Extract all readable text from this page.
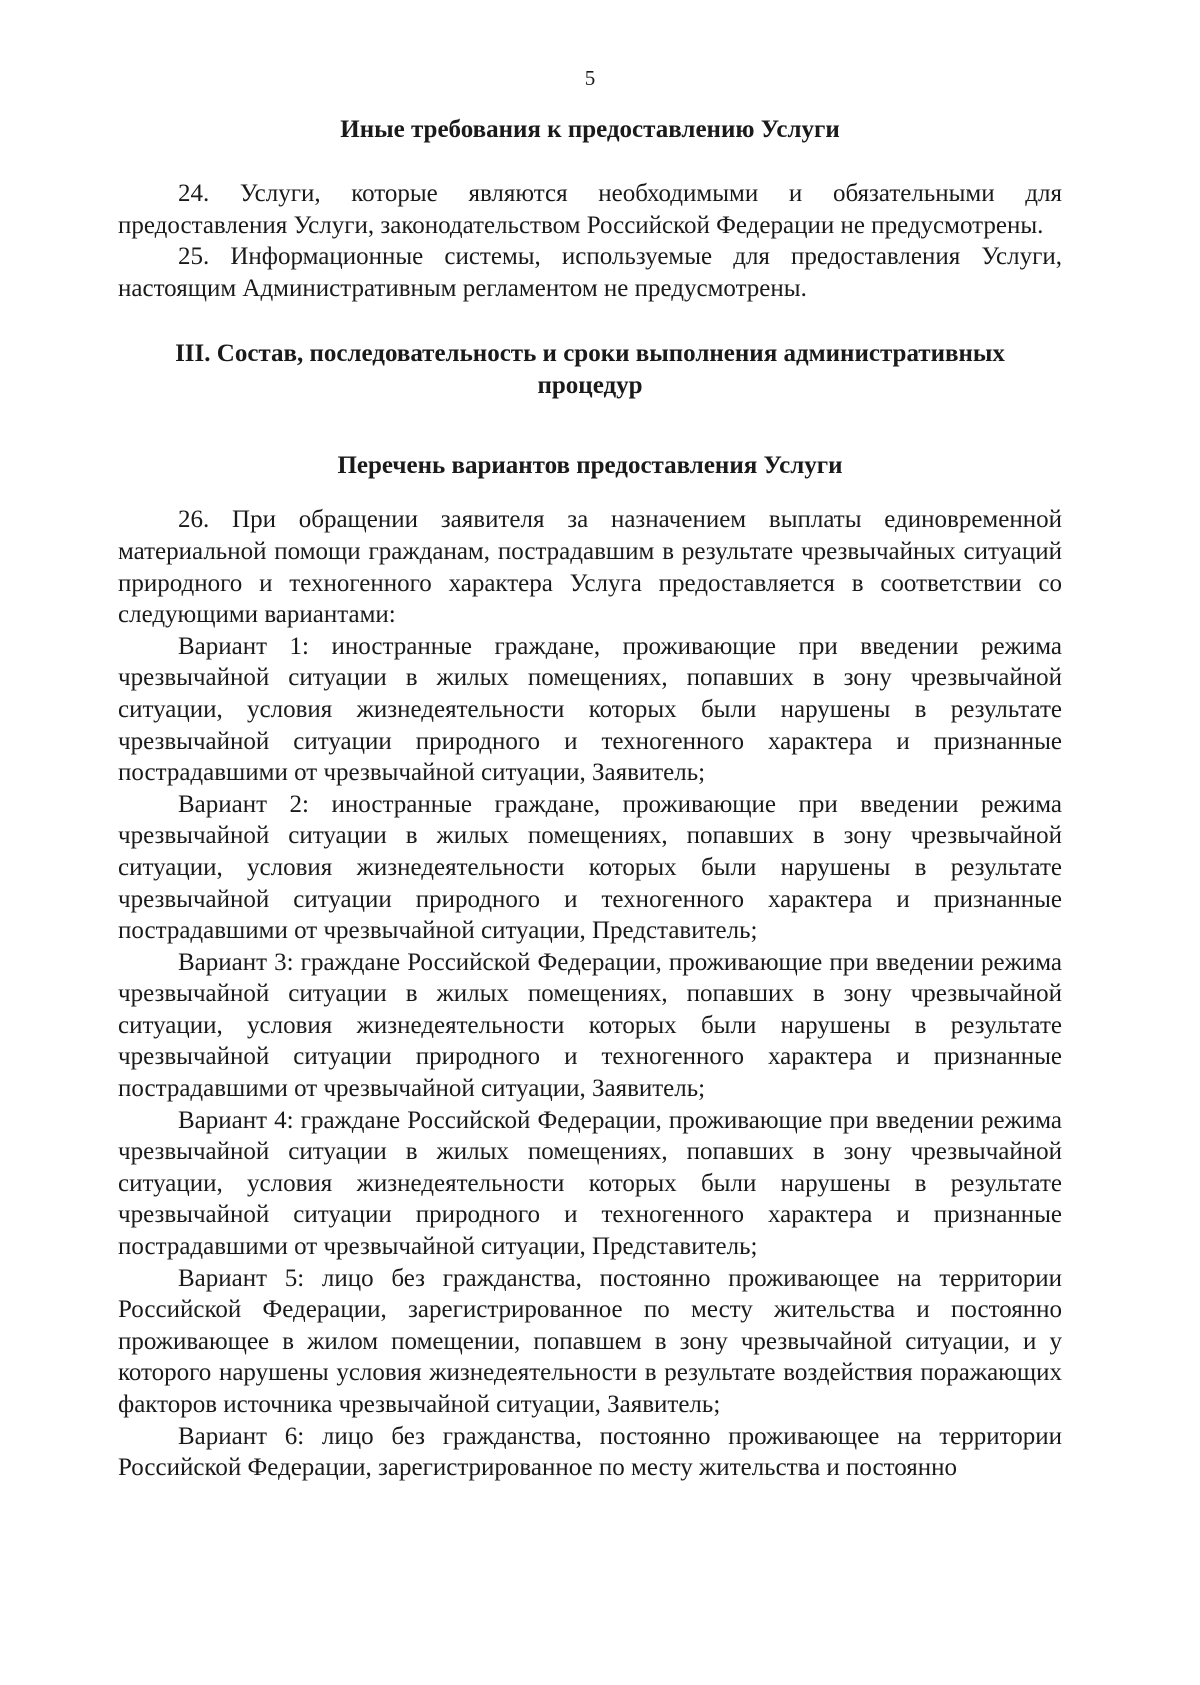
5
Иные требования к предоставлению Услуги

24. Услуги, которые являются необходимыми и обязательными для предоставления Услуги, законодательством Российской Федерации не предусмотрены.

25. Информационные системы, используемые для предоставления Услуги, настоящим Административным регламентом не предусмотрены.

III. Состав, последовательность и сроки выполнения административных
процедур
Перечень вариантов предоставления Услуги

26. При обращении заявителя за назначением выплаты единовременной материальной помощи гражданам, пострадавшим в результате чрезвычайных ситуаций природного и техногенного характера Услуга предоставляется в соответствии со следующими вариантами:

Вариант 1: иностранные граждане, проживающие при введении режима чрезвычайной ситуации в жилых помещениях, попавших в зону чрезвычайной ситуации, условия жизнедеятельности которых были нарушены в результате чрезвычайной ситуации природного и техногенного характера и признанные пострадавшими от чрезвычайной ситуации, Заявитель;

Вариант 2: иностранные граждане, проживающие при введении режима чрезвычайной ситуации в жилых помещениях, попавших в зону чрезвычайной ситуации, условия жизнедеятельности которых были нарушены в результате чрезвычайной ситуации природного и техногенного характера и признанные пострадавшими от чрезвычайной ситуации, Представитель;

Вариант 3: граждане Российской Федерации, проживающие при введении режима чрезвычайной ситуации в жилых помещениях, попавших в зону чрезвычайной ситуации, условия жизнедеятельности которых были нарушены в результате чрезвычайной ситуации природного и техногенного характера и признанные пострадавшими от чрезвычайной ситуации, Заявитель;

Вариант 4: граждане Российской Федерации, проживающие при введении режима чрезвычайной ситуации в жилых помещениях, попавших в зону чрезвычайной ситуации, условия жизнедеятельности которых были нарушены в результате чрезвычайной ситуации природного и техногенного характера и признанные пострадавшими от чрезвычайной ситуации, Представитель;

Вариант 5: лицо без гражданства, постоянно проживающее на территории Российской Федерации, зарегистрированное по месту жительства и постоянно проживающее в жилом помещении, попавшем в зону чрезвычайной ситуации, и у которого нарушены условия жизнедеятельности в результате воздействия поражающих факторов источника чрезвычайной ситуации, Заявитель;

Вариант 6: лицо без гражданства, постоянно проживающее на территории Российской Федерации, зарегистрированное по месту жительства и постоянно
